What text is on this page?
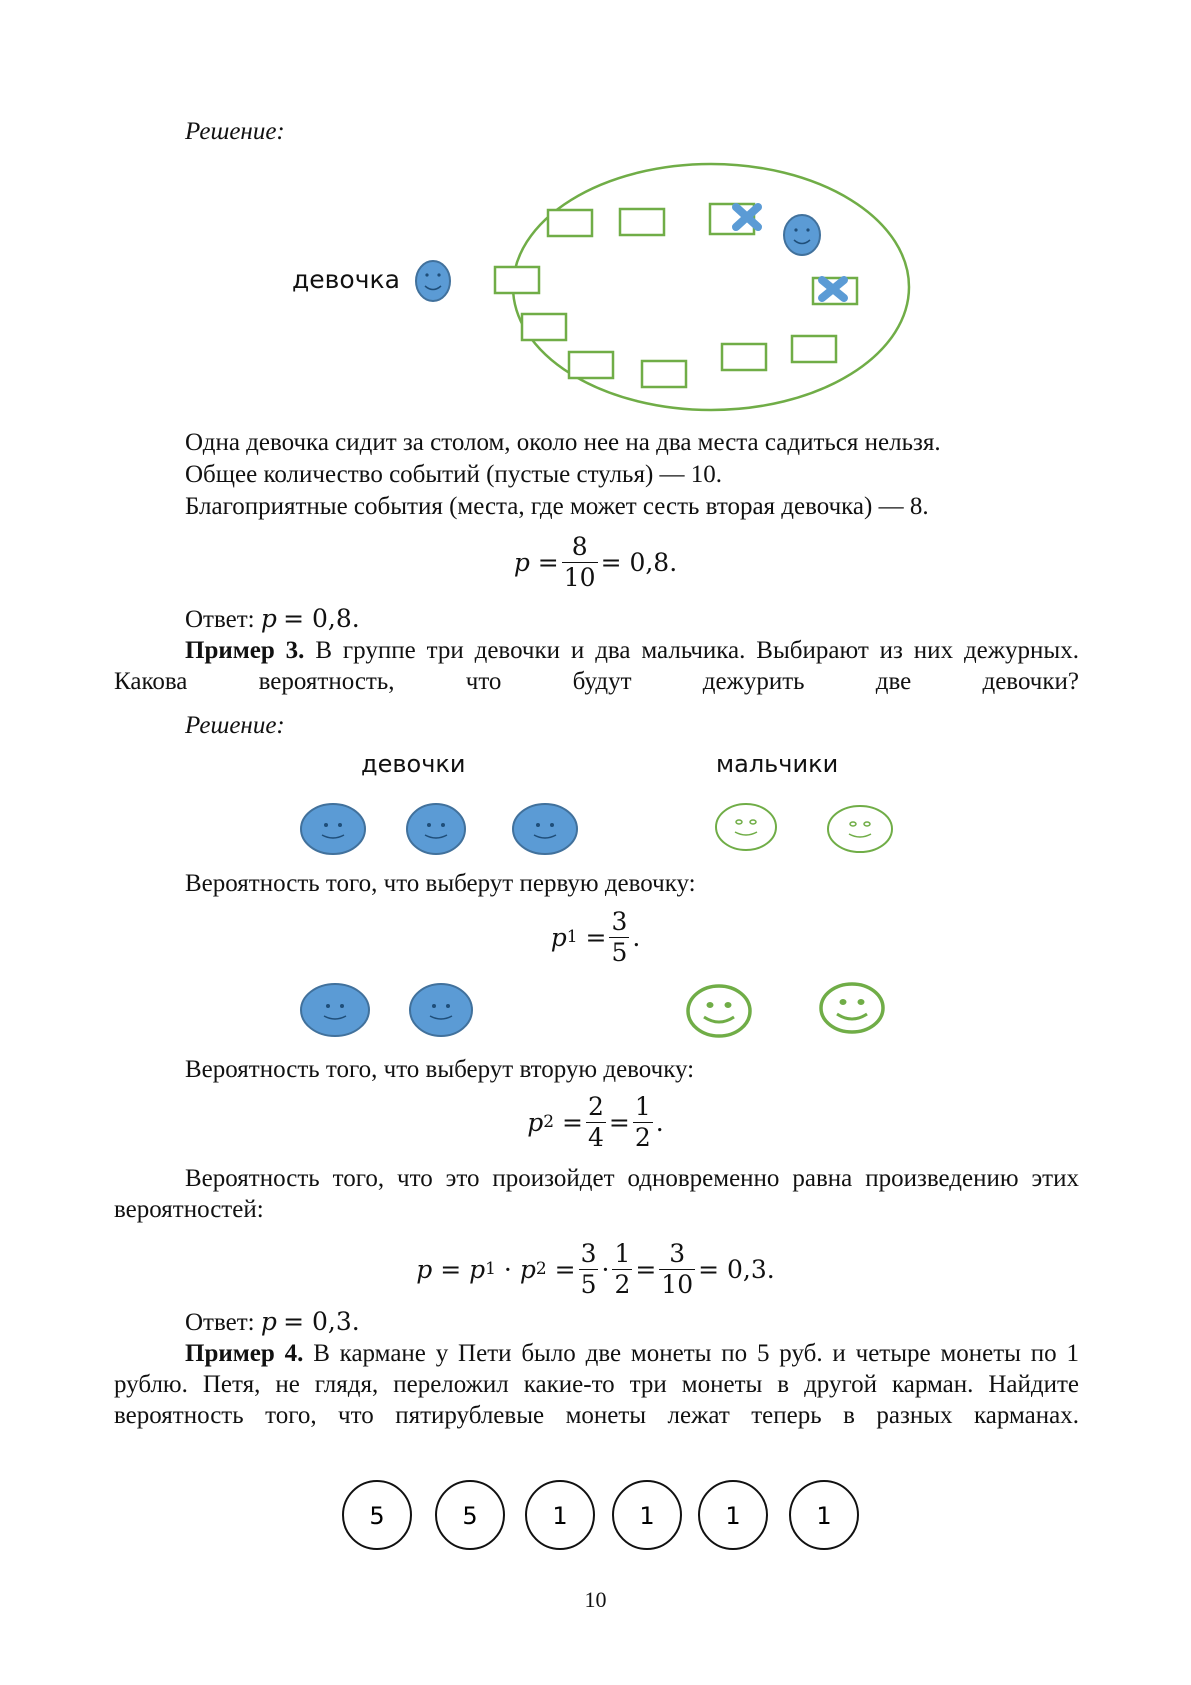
Решение:
девочка
Одна девочка сидит за столом, около нее на два места садиться нельзя.
Общее количество событий (пустые стулья) — 10.
Благоприятные события (места, где может сесть вторая девочка) — 8.
$p = \frac{8}{10} = 0,8$.
Ответ: p = 0,8.
Пример 3. В группе три девочки и два мальчика. Выбирают из них дежурных. Какова вероятность, что будут дежурить две девочки?
Решение:
девочки	мальчики
Вероятность того, что выберут первую девочку:
p $1 = \frac{3}{5}$ .
Вероятность того, что выберут вторую девочку:
p $2 = \frac{2}{4} = \frac{1}{2}$ .
Вероятность того, что это произойдет одновременно равна произведению этих вероятностей:
p = p 1 · p $2 = \frac{3}{5} \cdot \frac{1}{2} = \frac{3}{10} = 0,3$.
Ответ: p = 0,3.
Пример 4. В кармане у Пети было две монеты по 5 руб. и четыре монеты по 1 рублю. Петя, не глядя, переложил какие-то три монеты в другой карман. Найдите вероятность того, что пятирублевые монеты лежат теперь в разных карманах.
5	5	1	1	1	1
10
